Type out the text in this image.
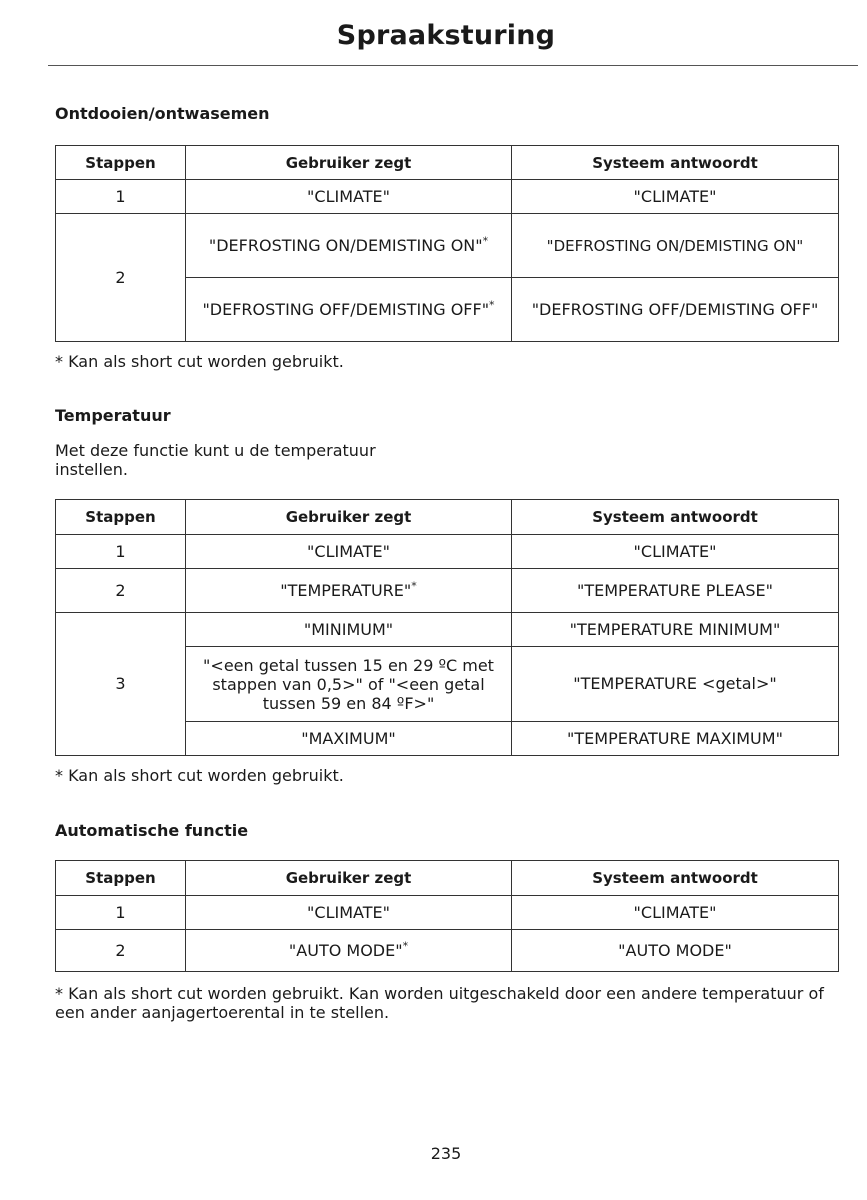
Spraaksturing
Ontdooien/ontwasemen
Stappen	Gebruiker zegt	Systeem antwoordt
1	"CLIMATE"	"CLIMATE"
2	"DEFROSTING ON/DEMISTING ON"*	"DEFROSTING ON/DEMISTING ON"
	"DEFROSTING OFF/DEMISTING OFF"*	"DEFROSTING OFF/DEMISTING OFF"
* Kan als short cut worden gebruikt.
Temperatuur
Met deze functie kunt u de temperatuur instellen.
Stappen	Gebruiker zegt	Systeem antwoordt
1	"CLIMATE"	"CLIMATE"
2	"TEMPERATURE"*	"TEMPERATURE PLEASE"
3	"MINIMUM"	"TEMPERATURE MINIMUM"
	"<een getal tussen 15 en 29 ºC met stappen van 0,5>" of "<een getal tussen 59 en 84 ºF>"	"TEMPERATURE <getal>"
	"MAXIMUM"	"TEMPERATURE MAXIMUM"
* Kan als short cut worden gebruikt.
Automatische functie
Stappen	Gebruiker zegt	Systeem antwoordt
1	"CLIMATE"	"CLIMATE"
2	"AUTO MODE"*	"AUTO MODE"
* Kan als short cut worden gebruikt. Kan worden uitgeschakeld door een andere temperatuur of een ander aanjagertoerental in te stellen.
235
